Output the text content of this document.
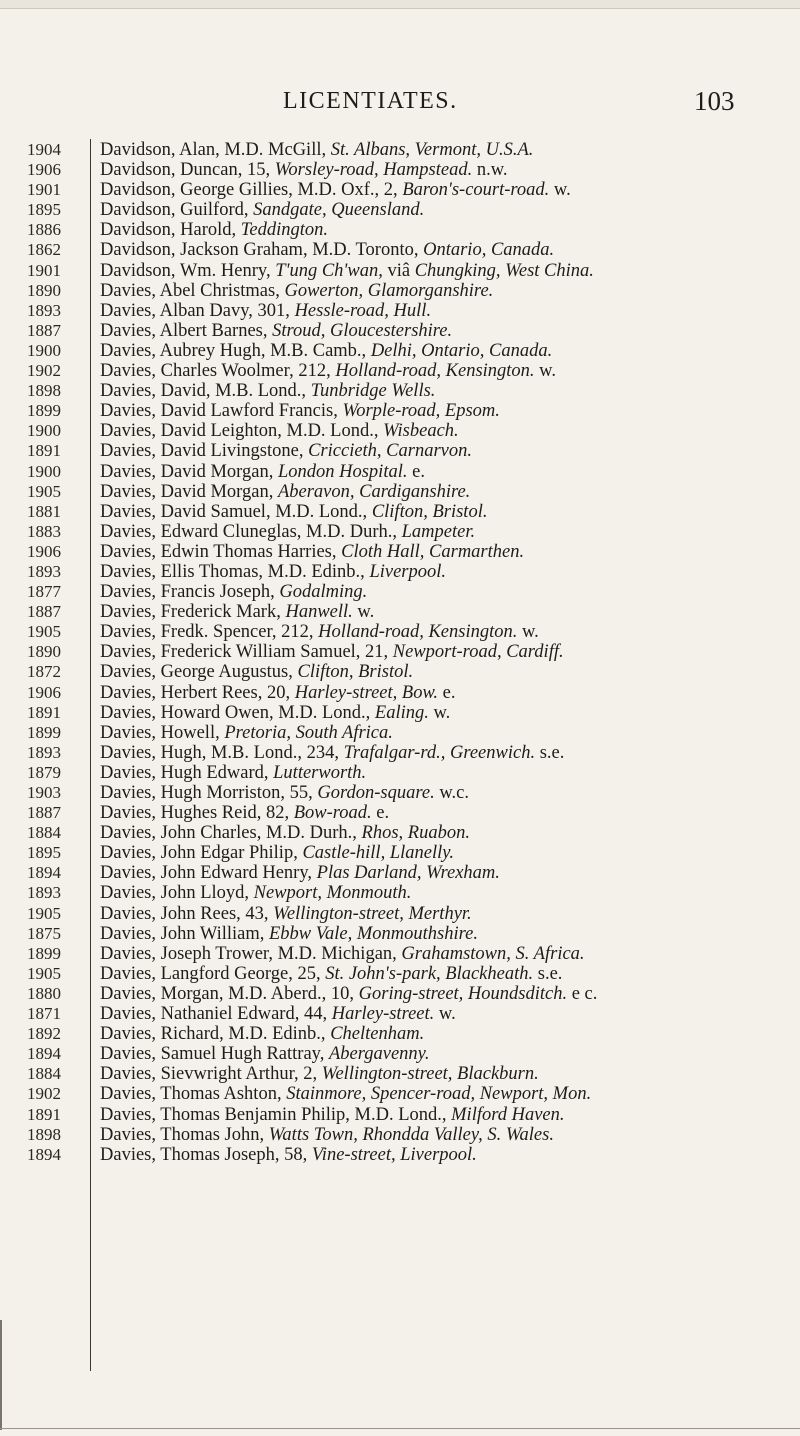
LICENTIATES.	103
1904	Davidson, Alan, M.D. McGill, St. Albans, Vermont, U.S.A.
1906	Davidson, Duncan, 15, Worsley-road, Hampstead. n.w.
1901	Davidson, George Gillies, M.D. Oxf., 2, Baron's-court-road. w.
1895	Davidson, Guilford, Sandgate, Queensland.
1886	Davidson, Harold, Teddington.
1862	Davidson, Jackson Graham, M.D. Toronto, Ontario, Canada.
1901	Davidson, Wm. Henry, T'ung Ch'wan, viâ Chungking, West China.
1890	Davies, Abel Christmas, Gowerton, Glamorganshire.
1893	Davies, Alban Davy, 301, Hessle-road, Hull.
1887	Davies, Albert Barnes, Stroud, Gloucestershire.
1900	Davies, Aubrey Hugh, M.B. Camb., Delhi, Ontario, Canada.
1902	Davies, Charles Woolmer, 212, Holland-road, Kensington. w.
1898	Davies, David, M.B. Lond., Tunbridge Wells.
1899	Davies, David Lawford Francis, Worple-road, Epsom.
1900	Davies, David Leighton, M.D. Lond., Wisbeach.
1891	Davies, David Livingstone, Criccieth, Carnarvon.
1900	Davies, David Morgan, London Hospital. e.
1905	Davies, David Morgan, Aberavon, Cardiganshire.
1881	Davies, David Samuel, M.D. Lond., Clifton, Bristol.
1883	Davies, Edward Cluneglas, M.D. Durh., Lampeter.
1906	Davies, Edwin Thomas Harries, Cloth Hall, Carmarthen.
1893	Davies, Ellis Thomas, M.D. Edinb., Liverpool.
1877	Davies, Francis Joseph, Godalming.
1887	Davies, Frederick Mark, Hanwell. w.
1905	Davies, Fredk. Spencer, 212, Holland-road, Kensington. w.
1890	Davies, Frederick William Samuel, 21, Newport-road, Cardiff.
1872	Davies, George Augustus, Clifton, Bristol.
1906	Davies, Herbert Rees, 20, Harley-street, Bow. e.
1891	Davies, Howard Owen, M.D. Lond., Ealing. w.
1899	Davies, Howell, Pretoria, South Africa.
1893	Davies, Hugh, M.B. Lond., 234, Trafalgar-rd., Greenwich. s.e.
1879	Davies, Hugh Edward, Lutterworth.
1903	Davies, Hugh Morriston, 55, Gordon-square. w.c.
1887	Davies, Hughes Reid, 82, Bow-road. e.
1884	Davies, John Charles, M.D. Durh., Rhos, Ruabon.
1895	Davies, John Edgar Philip, Castle-hill, Llanelly.
1894	Davies, John Edward Henry, Plas Darland, Wrexham.
1893	Davies, John Lloyd, Newport, Monmouth.
1905	Davies, John Rees, 43, Wellington-street, Merthyr.
1875	Davies, John William, Ebbw Vale, Monmouthshire.
1899	Davies, Joseph Trower, M.D. Michigan, Grahamstown, S. Africa.
1905	Davies, Langford George, 25, St. John's-park, Blackheath. s.e.
1880	Davies, Morgan, M.D. Aberd., 10, Goring-street, Houndsditch. e c.
1871	Davies, Nathaniel Edward, 44, Harley-street. w.
1892	Davies, Richard, M.D. Edinb., Cheltenham.
1894	Davies, Samuel Hugh Rattray, Abergavenny.
1884	Davies, Sievwright Arthur, 2, Wellington-street, Blackburn.
1902	Davies, Thomas Ashton, Stainmore, Spencer-road, Newport, Mon.
1891	Davies, Thomas Benjamin Philip, M.D. Lond., Milford Haven.
1898	Davies, Thomas John, Watts Town, Rhondda Valley, S. Wales.
1894	Davies, Thomas Joseph, 58, Vine-street, Liverpool.
